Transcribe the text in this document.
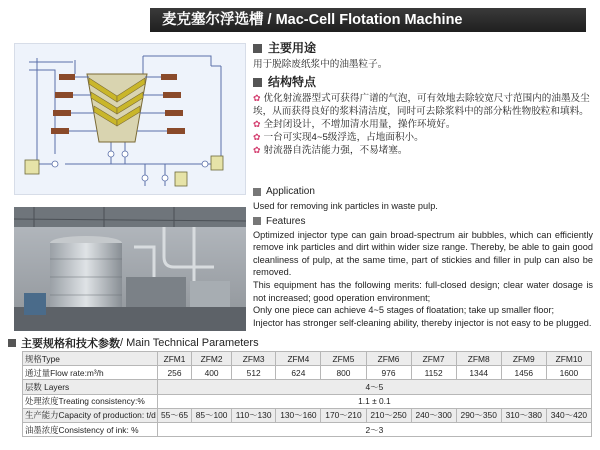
麦克塞尔浮选槽 / Mac-Cell Flotation Machine
主要用途
用于脱除废纸浆中的油墨粒子。
结构特点
✿ 优化射流器型式可获得广谱的气泡，可有效地去除较宽尺寸范围内的油墨及尘埃，从而获得良好的浆料清洁度，同时可去除浆料中的部分粘性物胶粒和填料。
✿ 全封闭设计，不增加清水用量，操作环境好。
✿ 一台可实现4~5级浮选，占地面积小。
✿ 射流器自洗洁能力强，不易堵塞。
Application
Used for removing ink particles in waste pulp.
Features
Optimized injector type can gain broad-spectrum air bubbles, which can efficiently remove ink particles and dirt within wider size range. Thereby, be able to gain good cleanliness of pulp, at the same time, part of stickies and filler in pulp can also be removed.
This equipment has the following merits: full-closed design; clear water dosage is not increased; good operation environment;
Only one piece can achieve 4~5 stages of floatation; take up smaller floor;
Injector has stronger self-cleaning ability, thereby injector is not easy to be plugged.
主要规格和技术参数 / Main Technical Parameters
规格Type	ZFM1	ZFM2	ZFM3	ZFM4	ZFM5	ZFM6	ZFM7	ZFM8	ZFM9	ZFM10
通过量Flow rate:m³/h	256	400	512	624	800	976	1152	1344	1456	1600
层数 Layers	4～5									
处理浓度Treating consistency:%	1.1 ± 0.1									
生产能力Capacity of production: t/d	55～65	85～100	110～130	130～160	170～210	210～250	240～300	290～350	310～380	340～420
油墨浓度Consistency of ink: %	2～3									
